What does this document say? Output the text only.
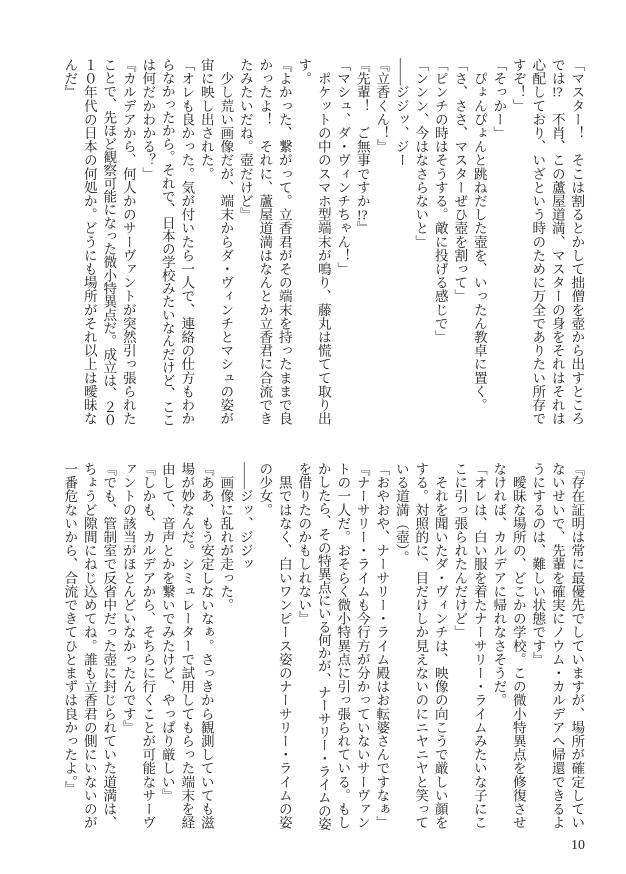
「マスター！　そこは割るとかして拙僧を壺から出すところ
では!?　不肖、この蘆屋道満、マスターの身をそれはそれは
心配しており、いざという時のために万全でありたい所存で
すぞ！」
「そっかー」
　ぴょんぴょんと跳ねだした壺を、いったん教卓に置く。
「さ、ささ、マスターぜひ壺を割って」
「ピンチの時はそうする。敵に投げる感じで」
「ンンン、今はなさらないと」
――ジジッ、ジー
『立香くん！』
『先輩！　ご無事ですか!?』
「マシュ、ダ・ヴィンチちゃん！」
　ポケットの中のスマホ型端末が鳴り、藤丸は慌てて取り出
す。
『よかった、繋がって。立香君がその端末を持ったままで良
かったよ！　それに、蘆屋道満はなんとか立香君に合流でき
たみたいだね。壺だけど』
　少し荒い画像だが、端末からダ・ヴィンチとマシュの姿が
宙に映し出された。
「オレも良かった。気が付いたら一人で、連絡の仕方もわか
らなかったから。それで、日本の学校みたいなんだけど、ここ
は何だかわかる？」
『カルデアから、何人かのサーヴァントが突然引っ張られた
ことで、先ほど観察可能になった微小特異点だ。成立は、２０
１０年代の日本の何処か。どうにも場所がそれ以上は曖昧な
んだ』
『存在証明は常に最優先でしていますが、場所が確定してい
ないせいで、先輩を確実にノウム・カルデアへ帰還できるよ
うにするのは、難しい状態です』
　曖昧な場所の、どこかの学校。この微小特異点を修復させ
なければ、カルデアに帰れなさそうだ。
「オレは、白い服を着たナーサリー・ライムみたいな子にこ
こに引っ張られたんだけど」
　それを聞いたダ・ヴィンチは、映像の向こうで厳しい顔を
する。対照的に、目だけしか見えないのにニヤニヤと笑って
いる道満（壺）。
「おやおや、ナーサリー・ライム殿はお転婆さんですなぁ」
『ナーサリー・ライムも今行方が分かっていないサーヴァン
トの一人だ。おそらく微小特異点に引っ張られている。もし
かしたら、その特異点にいる何かが、ナーサリー・ライムの姿
を借りたのかもしれない』
　黒ではなく、白いワンピース姿のナーサリー・ライムの姿
の少女。
――ジッ、ジジッ
　画像に乱れが走った。
『ああ、もう安定しないなぁ。さっきから観測していても滋
場が妙なんだ。シミュレーターで試用してもらった端末を経
由して、音声とかを繋いでみたけど、やっぱり厳しい』
『しかも、カルデアから、そちらに行くことが可能なサーヴ
ァントの該当がほとんどいなかったんです』
『でも、管制室で反省中だった壺に封じられていた道満は、
ちょうど隙間にねじ込めてね。誰も立香君の側にいないのが
一番危ないから、合流できてひとまずは良かったよ。』
10
